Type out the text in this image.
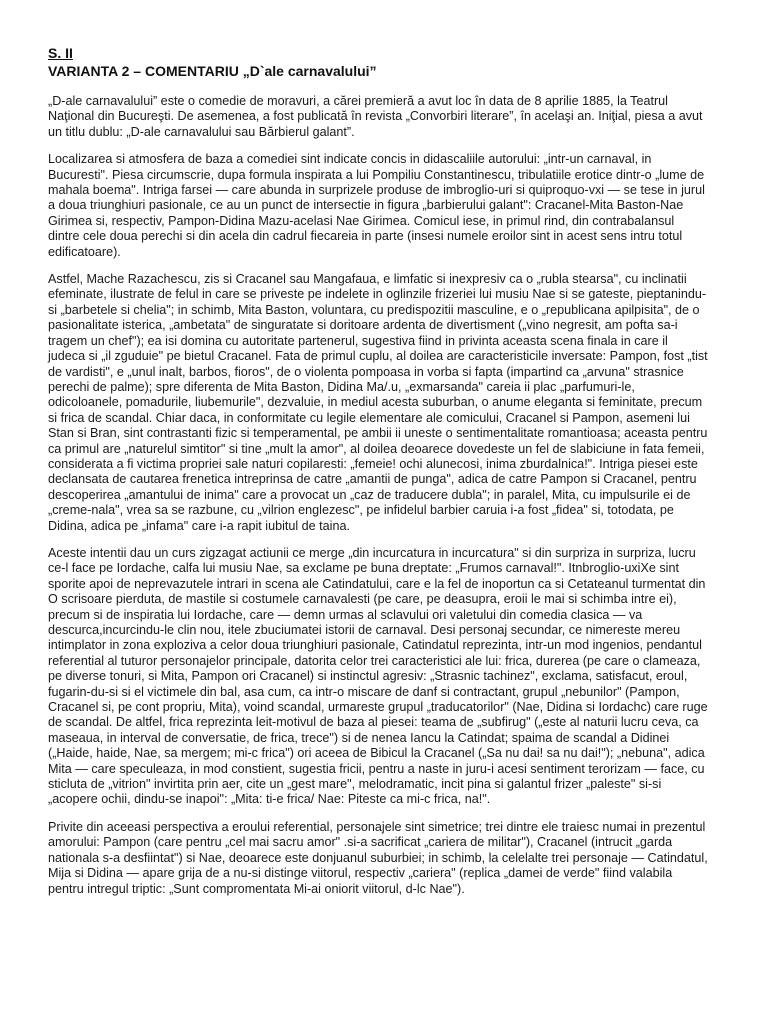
S. II

VARIANTA 2 – COMENTARIU „D`ale carnavalului”

„D-ale carnavalului” este o comedie de moravuri, a cărei premieră a avut loc în data de 8 aprilie 1885, la Teatrul Naţional din Bucureşti. De asemenea, a fost publicată în revista „Convorbiri literare”, în acelaşi an. Iniţial, piesa a avut un titlu dublu: „D-ale carnavalului sau Bărbierul galant”.

Localizarea si atmosfera de baza a comediei sint indicate concis in didascaliile autorului: „intr-un carnaval, in Bucuresti". Piesa circumscrie, dupa formula inspirata a lui Pompiliu Constantinescu, tribulatiile erotice dintr-o „lume de mahala boema". Intriga farsei — care abunda in surprizele produse de imbroglio-uri si quiproquo-vxi — se tese in jurul a doua triunghiuri pasionale, ce au un punct de intersectie in figura „barbierului galant": Cracanel-Mita Baston-Nae Girimea si, respectiv, Pampon-Didina Mazu-acelasi Nae Girimea. Comicul iese, in primul rind, din contrabalansul dintre cele doua perechi si din acela din cadrul fiecareia in parte (insesi numele eroilor sint in acest sens intru totul edificatoare).

Astfel, Mache Razachescu, zis si Cracanel sau Mangafaua, e limfatic si inexpresiv ca o „rubla stearsa", cu inclinatii efeminate, ilustrate de felul in care se priveste pe indelete in oglinzile frizeriei lui musiu Nae si se gateste, pieptanindu-si „barbetele si chelia"; in schimb, Mita Baston, voluntara, cu predispozitii masculine, e o „republicana apilpisita", de o pasionalitate isterica, „ambetata" de singuratate si doritoare ardenta de divertisment („vino negresit, am pofta sa-i tragem un chef"); ea isi domina cu autoritate partenerul, sugestiva fiind in privinta aceasta scena finala in care il judeca si „il zguduie" pe bietul Cracanel. Fata de primul cuplu, al doilea are caracteristicile inversate: Pampon, fost „tist de vardisti", e „unul inalt, barbos, fioros", de o violenta pompoasa in vorba si fapta (impartind ca „arvuna" strasnice perechi de palme); spre diferenta de Mita Baston, Didina Ma/.u, „exmarsanda" careia ii plac „parfumuri-le, odicoloanele, pomadurile, liubemurile", dezvaluie, in mediul acesta suburban, o anume eleganta si feminitate, precum si frica de scandal. Chiar daca, in conformitate cu legile elementare ale comicului, Cracanel si Pampon, asemeni lui Stan si Bran, sint contrastanti fizic si temperamental, pe ambii ii uneste o sentimentalitate romantioasa; aceasta pentru ca primul are „naturelul simtitor" si tine „mult la amor", al doilea deoarece dovedeste un fel de slabiciune in fata femeii, considerata a fi victima propriei sale naturi copilaresti: „femeie! ochi alunecosi, inima zburdalnica!". Intriga piesei este declansata de cautarea frenetica intreprinsa de catre „amantii de punga", adica de catre Pampon si Cracanel, pentru descoperirea „amantului de inima" care a provocat un „caz de traducere dubla"; in paralel, Mita, cu impulsurile ei de „creme-nala", vrea sa se razbune, cu „vilrion englezesc", pe infidelul barbier caruia i-a fost „fidea" si, totodata, pe Didina, adica pe „infama" care i-a rapit iubitul de taina.

Aceste intentii dau un curs zigzagat actiunii ce merge „din incurcatura in incurcatura" si din surpriza in surpriza, lucru ce-l face pe Iordache, calfa lui musiu Nae, sa exclame pe buna dreptate: „Frumos carnaval!". Itnbroglio-uxiXe sint sporite apoi de neprevazutele intrari in scena ale Catindatului, care e la fel de inoportun ca si Cetateanul turmentat din O scrisoare pierduta, de mastile si costumele carnavalesti (pe care, pe deasupra, eroii le mai si schimba intre ei), precum si de inspiratia lui Iordache, care — demn urmas al sclavului ori valetului din comedia clasica — va descurca,incurcindu-le clin nou, itele zbuciumatei istorii de carnaval. Desi personaj secundar, ce nimereste mereu intimplator in zona exploziva a celor doua triunghiuri pasionale, Catindatul reprezinta, intr-un mod ingenios, pendantul referential al tuturor personajelor principale, datorita celor trei caracteristici ale lui: frica, durerea (pe care o clameaza, pe diverse tonuri, si Mita, Pampon ori Cracanel) si instinctul agresiv: „Strasnic tachinez", exclama, satisfacut, eroul, fugarin-du-si si el victimele din bal, asa cum, ca intr-o miscare de danf si contractant, grupul „nebunilor" (Pampon, Cracanel si, pe cont propriu, Mita), voind scandal, urmareste grupul „traducatorilor" (Nae, Didina si Iordachc) care ruge de scandal. De altfel, frica reprezinta leit-motivul de baza al piesei: teama de „subfirug" („este al naturii lucru ceva, ca maseaua, in interval de conversatie, de frica, trece") si de nenea Iancu la Catindat; spaima de scandal a Didinei („Haide, haide, Nae, sa mergem; mi-c frica") ori aceea de Bibicul la Cracanel („Sa nu dai! sa nu dai!"); „nebuna", adica Mita — care speculeaza, in mod constient, sugestia fricii, pentru a naste in juru-i acesi sentiment terorizam — face, cu sticluta de „vitrion" invirtita prin aer, cite un „gest mare", melodramatic, incit pina si galantul frizer „paleste" si-si „acopere ochii, dindu-se inapoi": „Mita: ti-e frica/ Nae: Piteste ca mi-c frica, na!".

Privite din aceeasi perspectiva a eroului referential, personajele sint simetrice; trei dintre ele traiesc numai in prezentul amorului: Pampon (care pentru „cel mai sacru amor" .si-a sacrificat „cariera de militar"), Cracanel (intrucit „garda nationala s-a desfiintat") si Nae, deoarece este donjuanul suburbiei; in schimb, la celelalte trei personaje — Catindatul, Mija si Didina — apare grija de a nu-si distinge viitorul, respectiv „cariera" (replica „damei de verde" fiind valabila pentru intregul triptic: „Sunt compromentata Mi-ai oniorit viitorul, d-lc Nae").
